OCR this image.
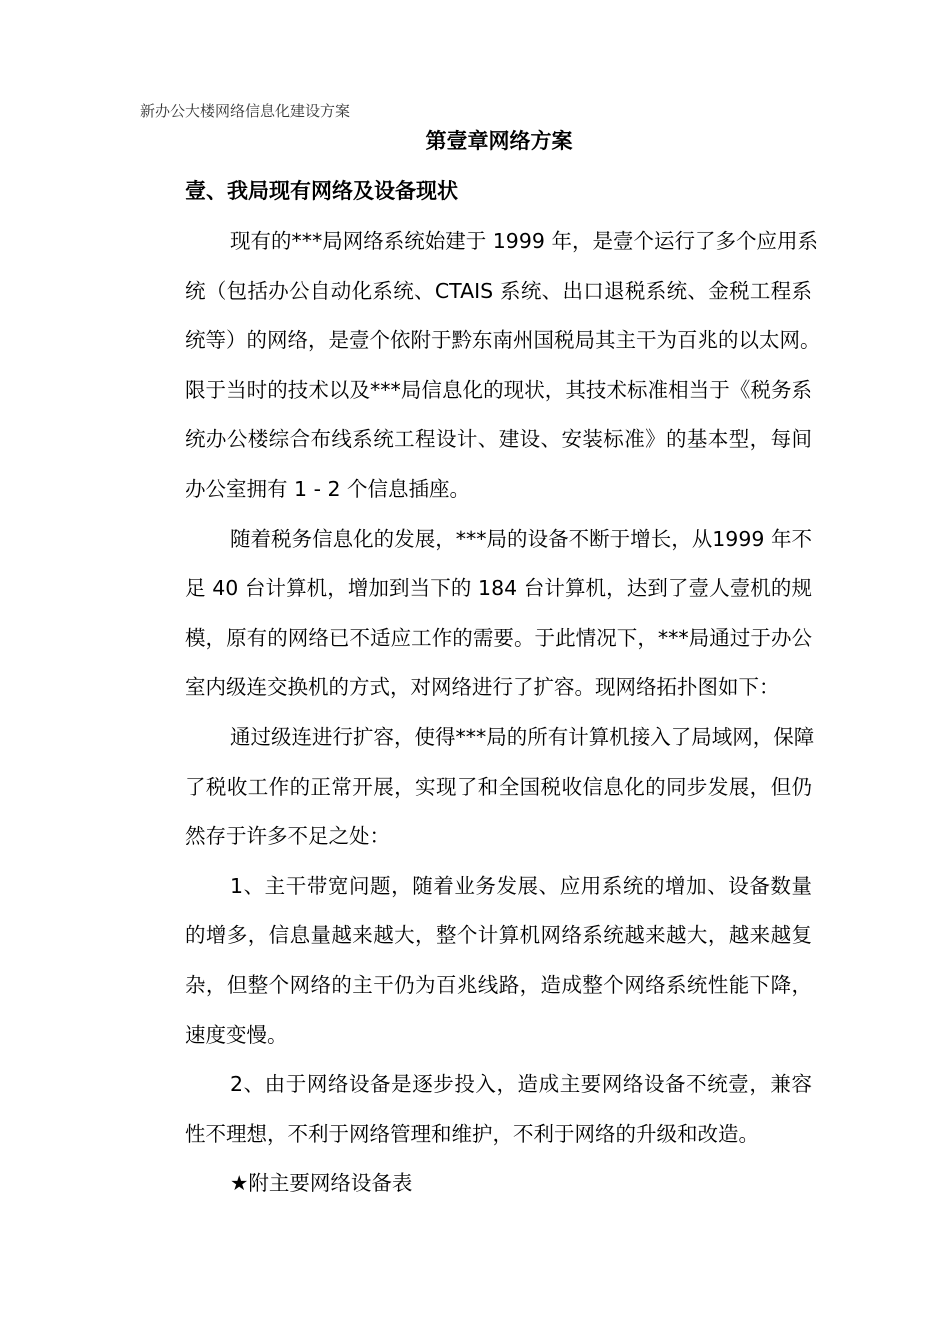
新办公大楼网络信息化建设方案
第壹章网络方案
壹、我局现有网络及设备现状

现有的***局网络系统始建于 1999 年，是壹个运行了多个应用系
统（包括办公自动化系统、CTAIS 系统、出口退税系统、金税工程系
统等）的网络，是壹个依附于黔东南州国税局其主干为百兆的以太网。
限于当时的技术以及***局信息化的现状，其技术标准相当于《税务系
统办公楼综合布线系统工程设计、建设、安装标准》的基本型，每间
办公室拥有 1 - 2 个信息插座。

随着税务信息化的发展，***局的设备不断于增长，从1999 年不
足 40 台计算机，增加到当下的 184 台计算机，达到了壹人壹机的规
模，原有的网络已不适应工作的需要。于此情况下，***局通过于办公
室内级连交换机的方式，对网络进行了扩容。现网络拓扑图如下：

通过级连进行扩容，使得***局的所有计算机接入了局域网，保障
了税收工作的正常开展，实现了和全国税收信息化的同步发展，但仍
然存于许多不足之处：

1、主干带宽问题，随着业务发展、应用系统的增加、设备数量
的增多，信息量越来越大，整个计算机网络系统越来越大，越来越复
杂，但整个网络的主干仍为百兆线路，造成整个网络系统性能下降，
速度变慢。

2、由于网络设备是逐步投入，造成主要网络设备不统壹，兼容
性不理想，不利于网络管理和维护，不利于网络的升级和改造。

★附主要网络设备表
